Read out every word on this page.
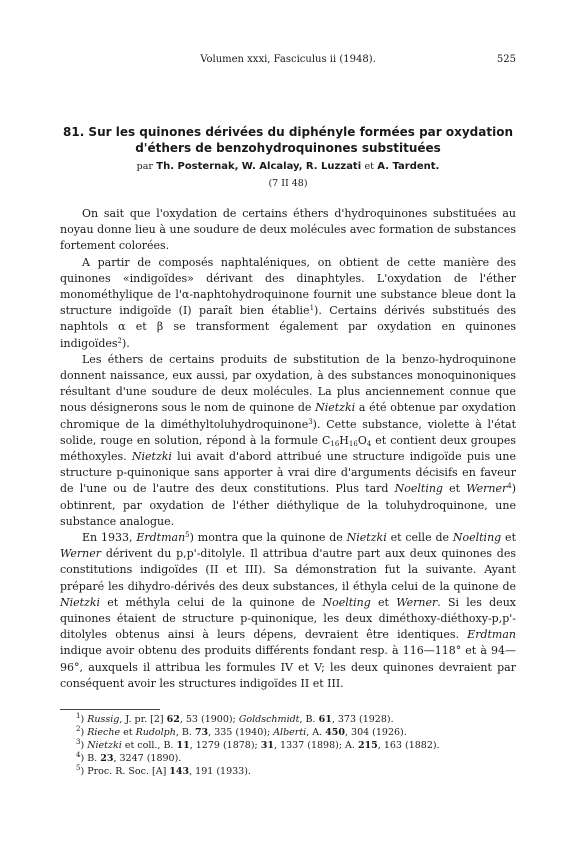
Volumen xxxi, Fasciculus ii (1948).	525
81. Sur les quinones dérivées du diphényle formées par oxydation
d'éthers de benzohydroquinones substituées
par Th. Posternak, W. Alcalay, R. Luzzati et A. Tardent.
(7 II 48)

On sait que l'oxydation de certains éthers d'hydroquinones substituées au noyau donne lieu à une soudure de deux molécules avec formation de substances fortement colorées.

A partir de composés naphtaléniques, on obtient de cette manière des quinones «indigoïdes» dérivant des dinaphtyles. L'oxydation de l'éther monométhylique de l'α-naphtohydroquinone fournit une substance bleue dont la structure indigoïde (I) paraît bien établie$^1$). Certains dérivés substitués des naphtols α et β se transforment également par oxydation en quinones indigoïdes$^2$).

Les éthers de certains produits de substitution de la benzo-hydroquinone donnent naissance, eux aussi, par oxydation, à des substances monoquinoniques résultant d'une soudure de deux molécules. La plus anciennement connue que nous désignerons sous le nom de quinone de Nietzki a été obtenue par oxydation chromique de la diméthyltoluhydroquinone$^3$). Cette substance, violette à l'état solide, rouge en solution, répond à la formule $C_{16}H_{16}O_4$ et contient deux groupes méthoxyles. Nietzki lui avait d'abord attribué une structure indigoïde puis une structure p-quinonique sans apporter à vrai dire d'arguments décisifs en faveur de l'une ou de l'autre des deux constitutions. Plus tard Noelting et Werner$^4$) obtinrent, par oxydation de l'éther diéthylique de la toluhydroquinone, une substance analogue.

En 1933, Erdtman$^5$) montra que la quinone de Nietzki et celle de Noelting et Werner dérivent du p,p'-ditolyle. Il attribua d'autre part aux deux quinones des constitutions indigoïdes (II et III). Sa démonstration fut la suivante. Ayant préparé les dihydro-dérivés des deux substances, il éthyla celui de la quinone de Nietzki et méthyla celui de la quinone de Noelting et Werner. Si les deux quinones étaient de structure p-quinonique, les deux diméthoxy-diéthoxy-p,p'-ditolyles obtenus ainsi à leurs dépens, devraient être identiques. Erdtman indique avoir obtenu des produits différents fondant resp. à 116—118° et à 94—96°, auxquels il attribua les formules IV et V; les deux quinones devraient par conséquent avoir les structures indigoïdes II et III.

$^1$) Russig, J. pr. [2] 62, 53 (1900); Goldschmidt, B. 61, 373 (1928).
$^2$) Rieche et Rudolph, B. 73, 335 (1940); Alberti, A. 450, 304 (1926).
$^3$) Nietzki et coll., B. 11, 1279 (1878); 31, 1337 (1898); A. 215, 163 (1882).
$^4$) B. 23, 3247 (1890).
$^5$) Proc. R. Soc. [A] 143, 191 (1933).
